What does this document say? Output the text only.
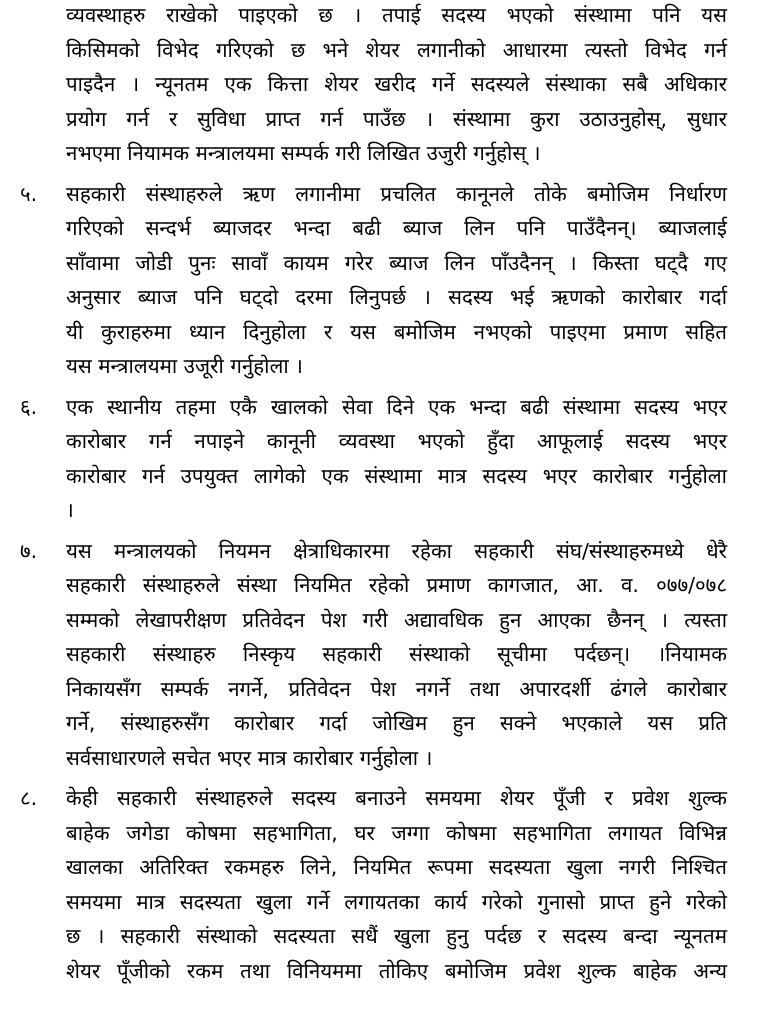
व्यवस्थाहरु राखेको पाइएको छ । तपाई सदस्य भएको संस्थामा पनि यस
किसिमको विभेद गरिएको छ भने शेयर लगानीको आधारमा त्यस्तो विभेद गर्न
पाइदैन । न्यूनतम एक कित्ता शेयर खरीद गर्ने सदस्यले संस्थाका सबै अधिकार
प्रयोग गर्न र सुविधा प्राप्त गर्न पाउँछ । संस्थामा कुरा उठाउनुहोस्, सुधार
नभएमा नियामक मन्त्रालयमा सम्पर्क गरी लिखित उजुरी गर्नुहोस् ।
५. सहकारी संस्थाहरुले ऋण लगानीमा प्रचलित कानूनले तोके बमोजिम निर्धारण
गरिएको सन्दर्भ ब्याजदर भन्दा बढी ब्याज लिन पनि पाउँदैनन्। ब्याजलाई
साँवामा जोडी पुनः सावाँ कायम गरेर ब्याज लिन पाँउदैनन् । किस्ता घट्दै गए
अनुसार ब्याज पनि घट्दो दरमा लिनुपर्छ । सदस्य भई ऋणको कारोबार गर्दा
यी कुराहरुमा ध्यान दिनुहोला र यस बमोजिम नभएको पाइएमा प्रमाण सहित
यस मन्त्रालयमा उजूरी गर्नुहोला ।
६. एक स्थानीय तहमा एकै खालको सेवा दिने एक भन्दा बढी संस्थामा सदस्य भएर
कारोबार गर्न नपाइने कानूनी व्यवस्था भएको हुँदा आफूलाई सदस्य भएर
कारोबार गर्न उपयुक्त लागेको एक संस्थामा मात्र सदस्य भएर कारोबार गर्नुहोला
।
७. यस मन्त्रालयको नियमन क्षेत्राधिकारमा रहेका सहकारी संघ/संस्थाहरुमध्ये धेरै
सहकारी संस्थाहरुले संस्था नियमित रहेको प्रमाण कागजात, आ. व. ०७७/०७८
सम्मको लेखापरीक्षण प्रतिवेदन पेश गरी अद्यावधिक हुन आएका छैनन् । त्यस्ता
सहकारी संस्थाहरु निस्कृय सहकारी संस्थाको सूचीमा पर्दछन्। ।नियामक
निकायसँग सम्पर्क नगर्ने, प्रतिवेदन पेश नगर्ने तथा अपारदर्शी ढंगले कारोबार
गर्ने, संस्थाहरुसँग कारोबार गर्दा जोखिम हुन सक्ने भएकाले यस प्रति
सर्वसाधारणले सचेत भएर मात्र कारोबार गर्नुहोला ।
८. केही सहकारी संस्थाहरुले सदस्य बनाउने समयमा शेयर पूँजी र प्रवेश शुल्क
बाहेक जगेडा कोषमा सहभागिता, घर जग्गा कोषमा सहभागिता लगायत विभिन्न
खालका अतिरिक्त रकमहरु लिने, नियमित रूपमा सदस्यता खुला नगरी निश्चित
समयमा मात्र सदस्यता खुला गर्ने लगायतका कार्य गरेको गुनासो प्राप्त हुने गरेको
छ । सहकारी संस्थाको सदस्यता सधैं खुला हुनु पर्दछ र सदस्य बन्दा न्यूनतम
शेयर पूँजीको रकम तथा विनियममा तोकिए बमोजिम प्रवेश शुल्क बाहेक अन्य
